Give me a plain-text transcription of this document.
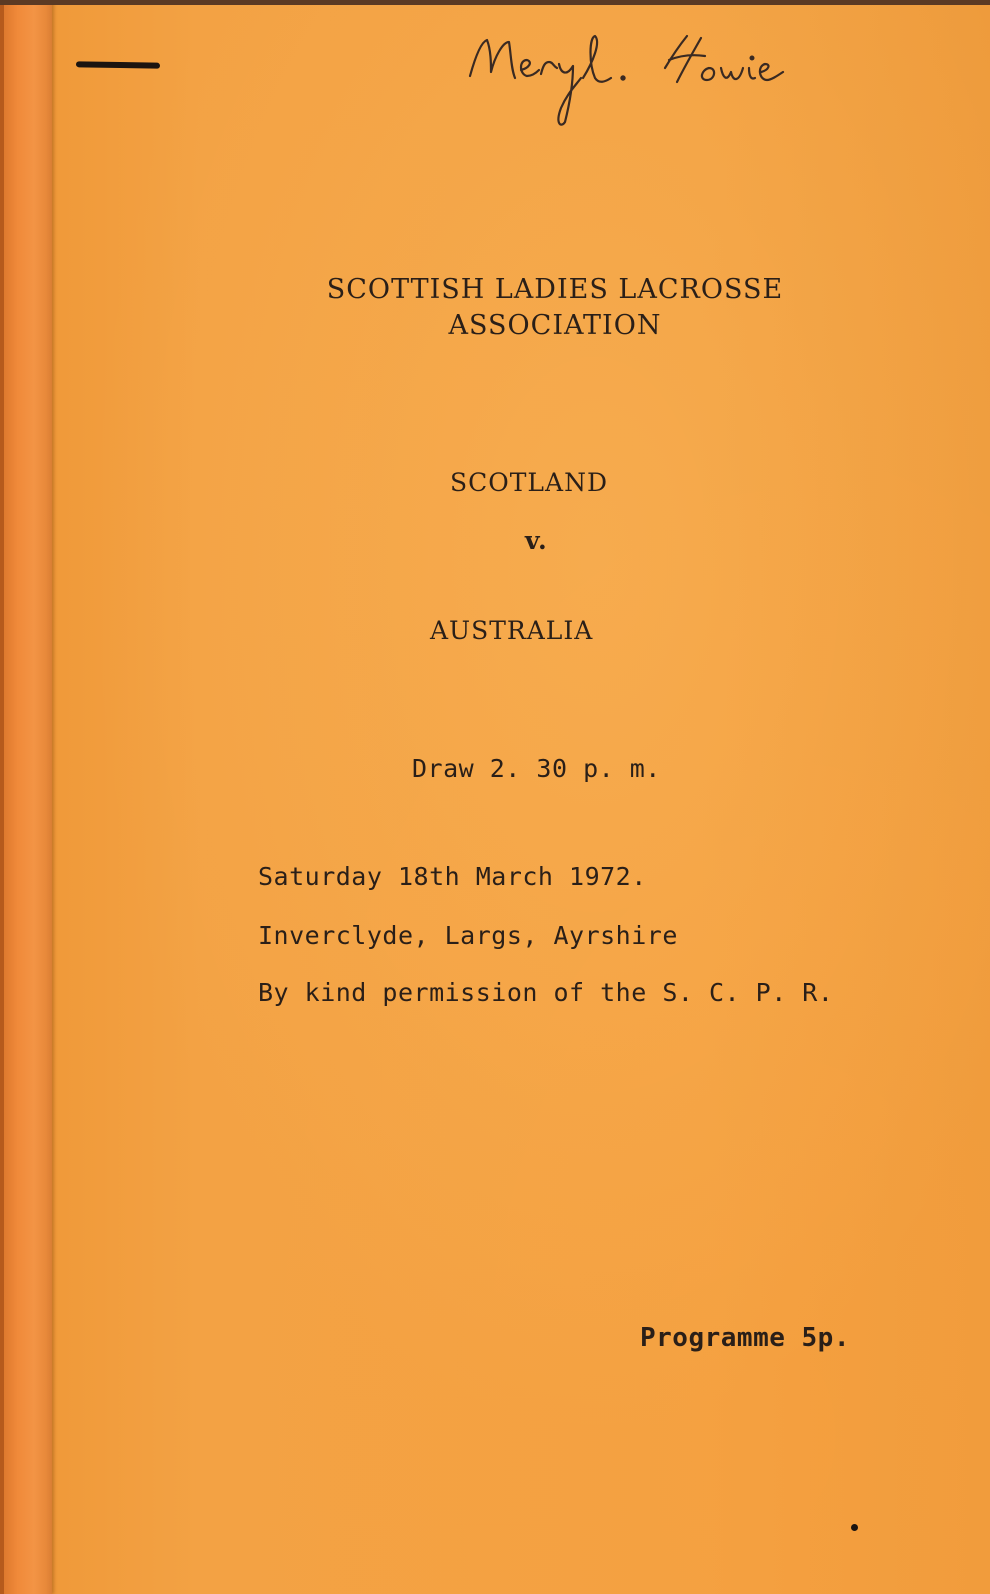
SCOTTISH LADIES LACROSSE
ASSOCIATION
SCOTLAND
v.
AUSTRALIA
Draw 2. 30 p. m.
Saturday 18th March 1972.
Inverclyde, Largs, Ayrshire
By kind permission of the S. C. P. R.
Programme 5p.
